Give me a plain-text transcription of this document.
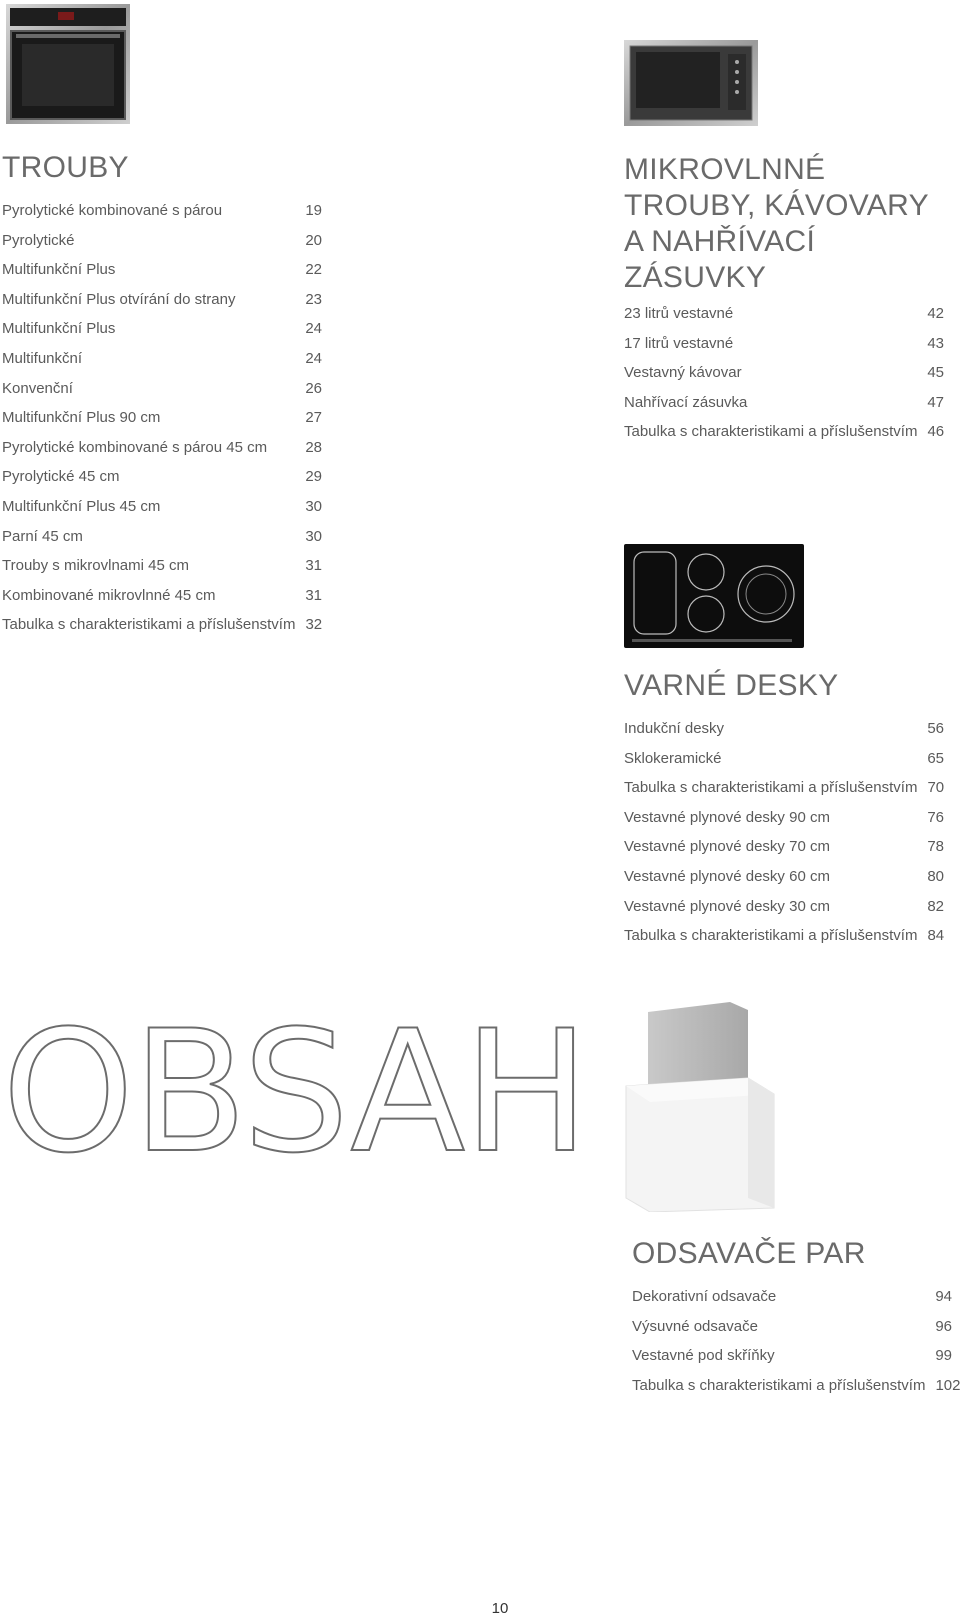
TROUBY
Pyrolytické kombinované s párou	19
Pyrolytické	20
Multifunkční Plus	22
Multifunkční Plus otvírání do strany	23
Multifunkční Plus	24
Multifunkční	24
Konvenční	26
Multifunkční Plus 90 cm	27
Pyrolytické kombinované s párou 45 cm	28
Pyrolytické 45 cm	29
Multifunkční Plus 45 cm	30
Parní 45 cm	30
Trouby s mikrovlnami 45 cm	31
Kombinované mikrovlnné 45 cm	31
Tabulka s charakteristikami a příslušenstvím 32
MIKROVLNNÉ
TROUBY, KÁVOVARY
A NAHŘÍVACÍ
ZÁSUVKY
23 litrů vestavné	42
17 litrů vestavné	43
Vestavný kávovar	45
Nahřívací zásuvka	47
Tabulka s charakteristikami a příslušenstvím 46
VARNÉ DESKY
Indukční desky	56
Sklokeramické	65
Tabulka s charakteristikami a příslušenstvím 70
Vestavné plynové desky 90 cm	76
Vestavné plynové desky 70 cm	78
Vestavné plynové desky 60 cm	80
Vestavné plynové desky 30 cm	82
Tabulka s charakteristikami a příslušenstvím 84
ODSAVAČE PAR
Dekorativní odsavače	94
Výsuvné odsavače	96
Vestavné pod skříňky	99
Tabulka s charakteristikami a příslušenstvím 102
OBSAH
10
